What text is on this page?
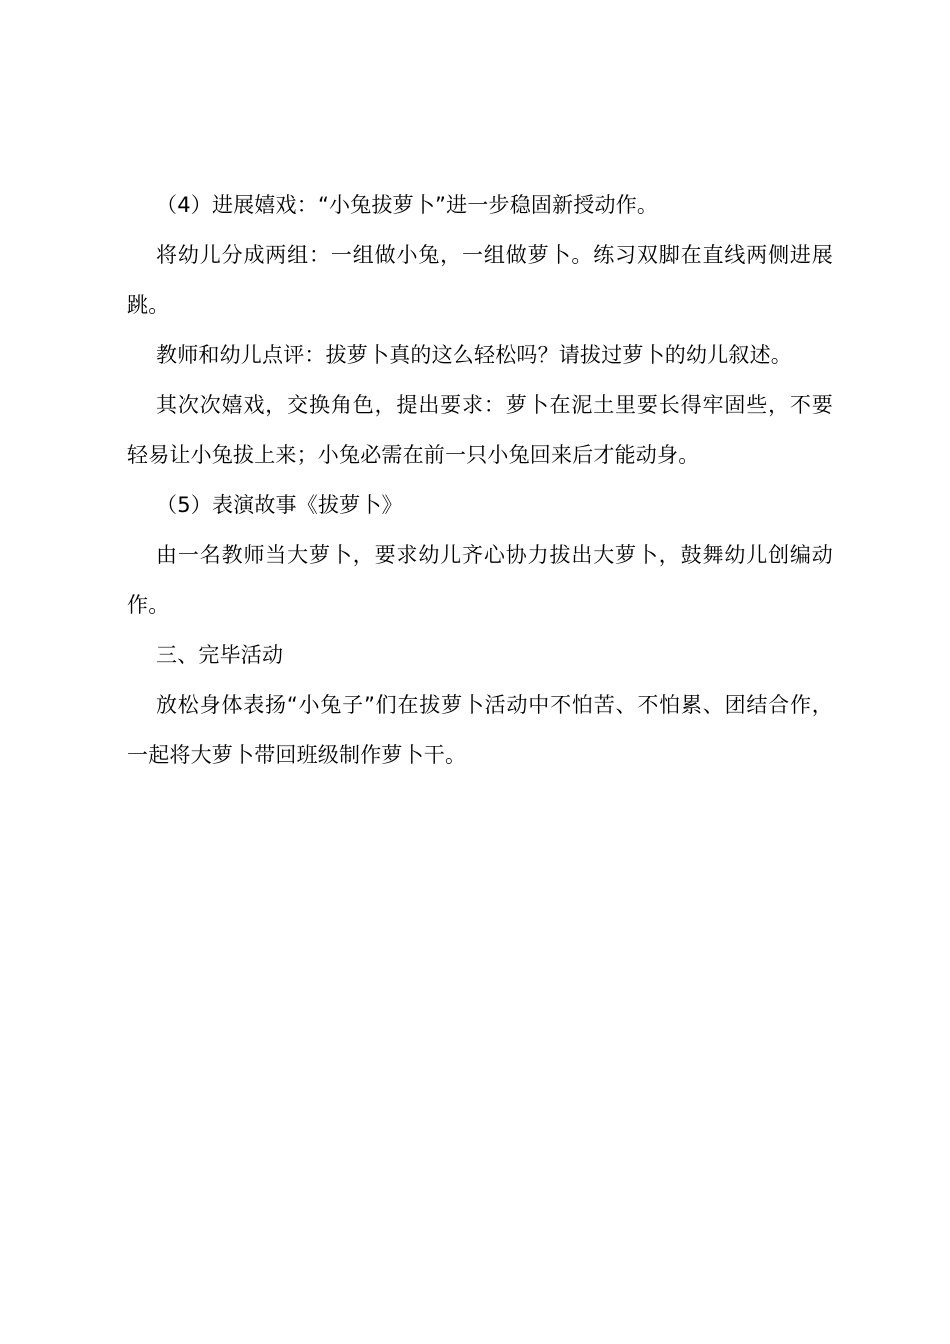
（4）进展嬉戏：“小兔拔萝卜”进一步稳固新授动作。

将幼儿分成两组：一组做小兔，一组做萝卜。练习双脚在直线两侧进展跳。

教师和幼儿点评：拔萝卜真的这么轻松吗？请拔过萝卜的幼儿叙述。

其次次嬉戏，交换角色，提出要求：萝卜在泥土里要长得牢固些，不要轻易让小兔拔上来；小兔必需在前一只小兔回来后才能动身。

（5）表演故事《拔萝卜》

由一名教师当大萝卜，要求幼儿齐心协力拔出大萝卜，鼓舞幼儿创编动作。

三、完毕活动

放松身体表扬“小兔子”们在拔萝卜活动中不怕苦、不怕累、团结合作，一起将大萝卜带回班级制作萝卜干。
